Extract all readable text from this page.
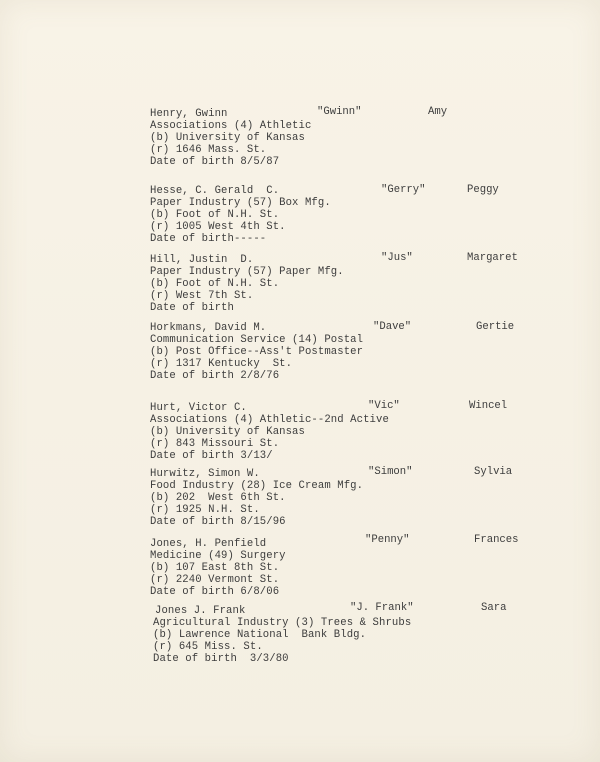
Henry, Gwinn	"Gwinn"	Amy
Associations (4) Athletic
(b) University of Kansas
(r) 1646 Mass. St.
Date of birth 8/5/87
Hesse, C. Gerald  C.	"Gerry"	Peggy
Paper Industry (57) Box Mfg.
(b) Foot of N.H. St.
(r) 1005 West 4th St.
Date of birth-----
Hill, Justin  D.	"Jus"	Margaret
Paper Industry (57) Paper Mfg.
(b) Foot of N.H. St.
(r) West 7th St.
Date of birth
Horkmans, David M.	"Dave"	Gertie
Communication Service (14) Postal
(b) Post Office--Ass't Postmaster
(r) 1317 Kentucky  St.
Date of birth 2/8/76
Hurt, Victor C.	"Vic"	Wincel
Associations (4) Athletic--2nd Active
(b) University of Kansas
(r) 843 Missouri St.
Date of birth 3/13/
Hurwitz, Simon W.	"Simon"	Sylvia
Food Industry (28) Ice Cream Mfg.
(b) 202  West 6th St.
(r) 1925 N.H. St.
Date of birth 8/15/96
Jones, H. Penfield	"Penny"	Frances
Medicine (49) Surgery
(b) 107 East 8th St.
(r) 2240 Vermont St.
Date of birth 6/8/06
Jones J. Frank	"J. Frank"	Sara
Agricultural Industry (3) Trees & Shrubs
(b) Lawrence National  Bank Bldg.
(r) 645 Miss. St.
Date of birth  3/3/80
